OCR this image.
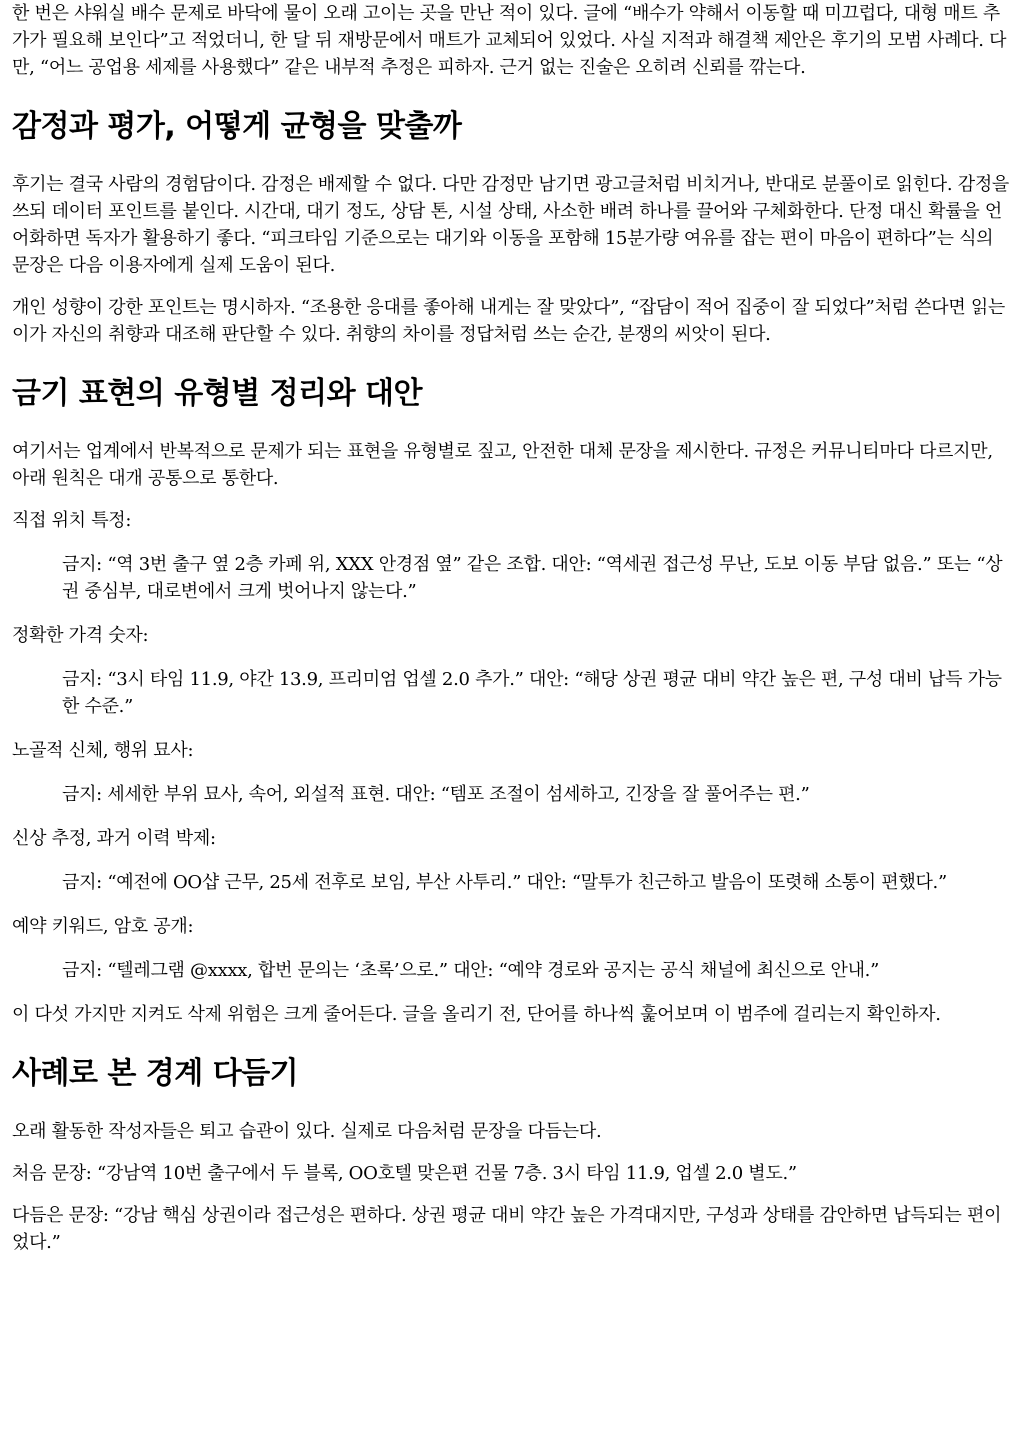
한 번은 샤워실 배수 문제로 바닥에 물이 오래 고이는 곳을 만난 적이 있다. 글에 “배수가 약해서 이동할 때 미끄럽다, 대형 매트 추가가 필요해 보인다”고 적었더니, 한 달 뒤 재방문에서 매트가 교체되어 있었다. 사실 지적과 해결책 제안은 후기의 모범 사례다. 다만, “어느 공업용 세제를 사용했다” 같은 내부적 추정은 피하자. 근거 없는 진술은 오히려 신뢰를 깎는다.

감정과 평가, 어떻게 균형을 맞출까

후기는 결국 사람의 경험담이다. 감정은 배제할 수 없다. 다만 감정만 남기면 광고글처럼 비치거나, 반대로 분풀이로 읽힌다. 감정을 쓰되 데이터 포인트를 붙인다. 시간대, 대기 정도, 상담 톤, 시설 상태, 사소한 배려 하나를 끌어와 구체화한다. 단정 대신 확률을 언어화하면 독자가 활용하기 좋다. “피크타임 기준으로는 대기와 이동을 포함해 15분가량 여유를 잡는 편이 마음이 편하다”는 식의 문장은 다음 이용자에게 실제 도움이 된다.

개인 성향이 강한 포인트는 명시하자. “조용한 응대를 좋아해 내게는 잘 맞았다”, “잡담이 적어 집중이 잘 되었다”처럼 쓴다면 읽는 이가 자신의 취향과 대조해 판단할 수 있다. 취향의 차이를 정답처럼 쓰는 순간, 분쟁의 씨앗이 된다.

금기 표현의 유형별 정리와 대안

여기서는 업계에서 반복적으로 문제가 되는 표현을 유형별로 짚고, 안전한 대체 문장을 제시한다. 규정은 커뮤니티마다 다르지만, 아래 원칙은 대개 공통으로 통한다.

직접 위치 특정:

금지: “역 3번 출구 옆 2층 카페 위, XXX 안경점 옆” 같은 조합. 대안: “역세권 접근성 무난, 도보 이동 부담 없음.” 또는 “상권 중심부, 대로변에서 크게 벗어나지 않는다.”

정확한 가격 숫자:

금지: “3시 타임 11.9, 야간 13.9, 프리미엄 업셀 2.0 추가.” 대안: “해당 상권 평균 대비 약간 높은 편, 구성 대비 납득 가능한 수준.”

노골적 신체, 행위 묘사:

금지: 세세한 부위 묘사, 속어, 외설적 표현. 대안: “템포 조절이 섬세하고, 긴장을 잘 풀어주는 편.”

신상 추정, 과거 이력 박제:

금지: “예전에 OO샵 근무, 25세 전후로 보임, 부산 사투리.” 대안: “말투가 친근하고 발음이 또렷해 소통이 편했다.”

예약 키워드, 암호 공개:

금지: “텔레그램 @xxxx, 합번 문의는 ‘초록’으로.” 대안: “예약 경로와 공지는 공식 채널에 최신으로 안내.”

이 다섯 가지만 지켜도 삭제 위험은 크게 줄어든다. 글을 올리기 전, 단어를 하나씩 훑어보며 이 범주에 걸리는지 확인하자.

사례로 본 경계 다듬기

오래 활동한 작성자들은 퇴고 습관이 있다. 실제로 다음처럼 문장을 다듬는다.

처음 문장: “강남역 10번 출구에서 두 블록, OO호텔 맞은편 건물 7층. 3시 타임 11.9, 업셀 2.0 별도.”

다듬은 문장: “강남 핵심 상권이라 접근성은 편하다. 상권 평균 대비 약간 높은 가격대지만, 구성과 상태를 감안하면 납득되는 편이었다.”
